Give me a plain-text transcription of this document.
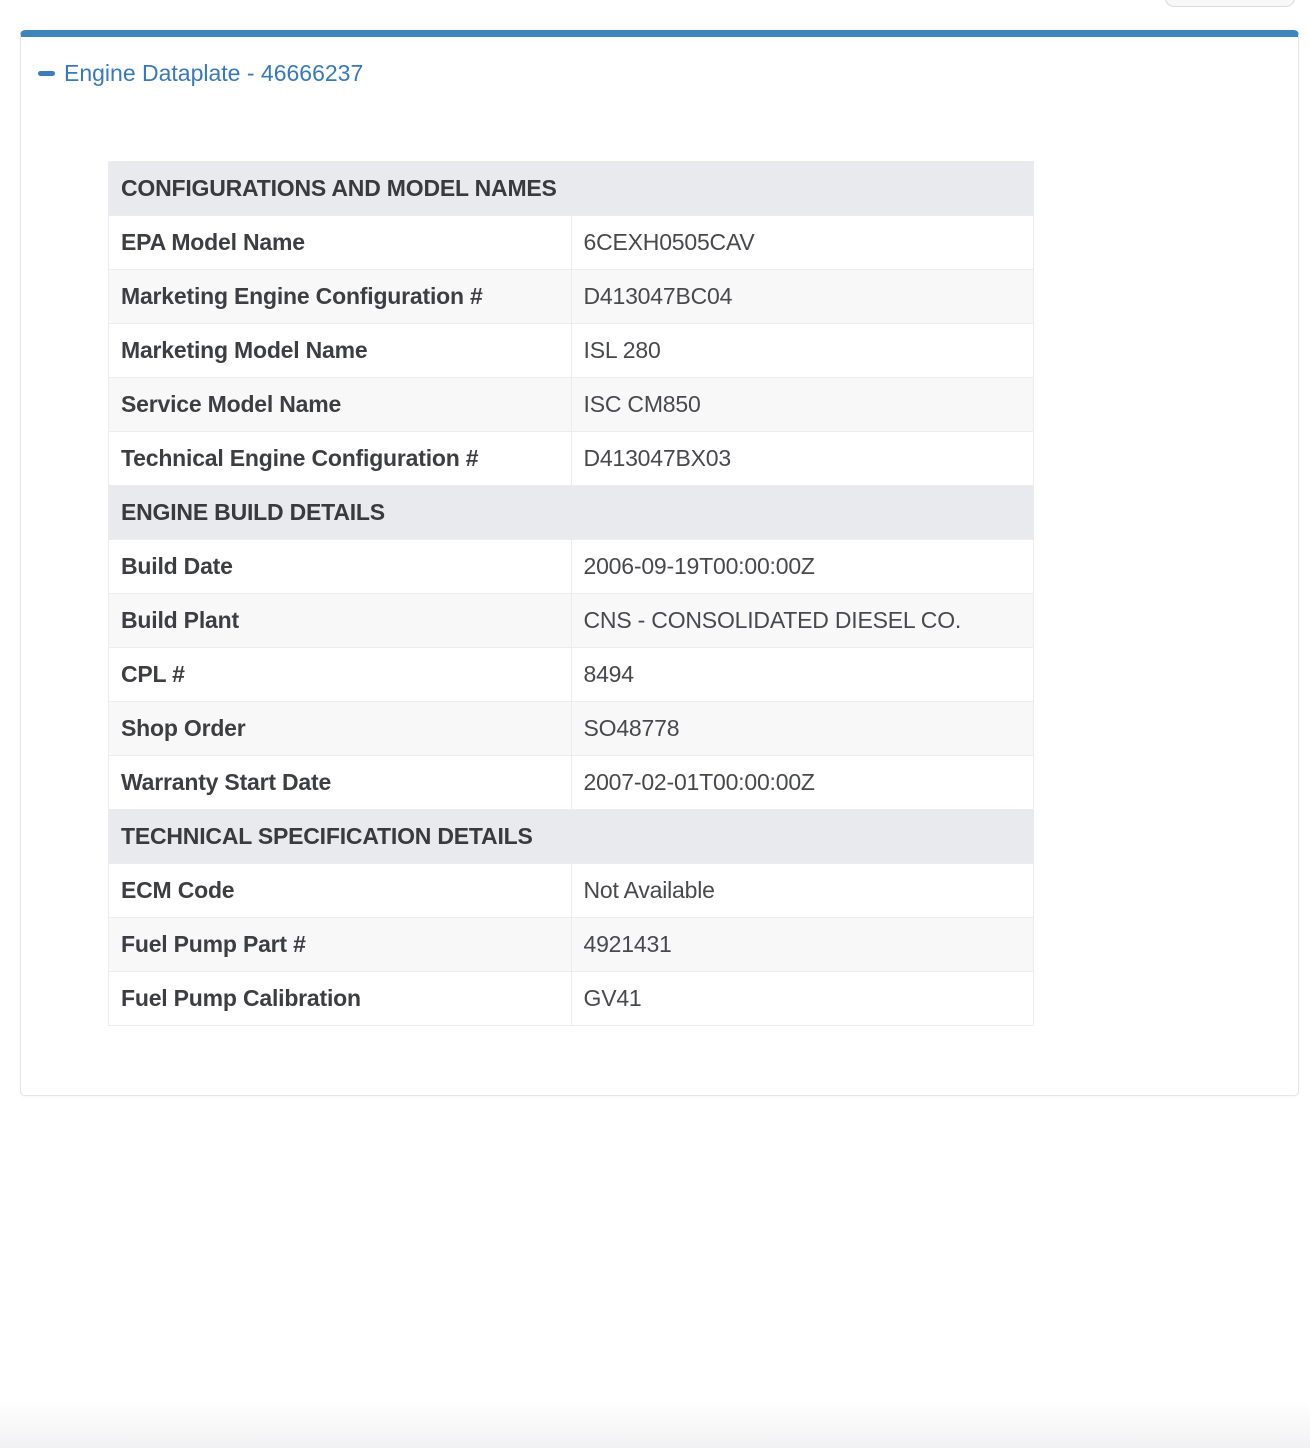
Engine Dataplate - 46666237
CONFIGURATIONS AND MODEL NAMES	
EPA Model Name	6CEXH0505CAV
Marketing Engine Configuration #	D413047BC04
Marketing Model Name	ISL 280
Service Model Name	ISC CM850
Technical Engine Configuration #	D413047BX03
ENGINE BUILD DETAILS	
Build Date	2006-09-19T00:00:00Z
Build Plant	CNS - CONSOLIDATED DIESEL CO.
CPL #	8494
Shop Order	SO48778
Warranty Start Date	2007-02-01T00:00:00Z
TECHNICAL SPECIFICATION DETAILS	
ECM Code	Not Available
Fuel Pump Part #	4921431
Fuel Pump Calibration	GV41
